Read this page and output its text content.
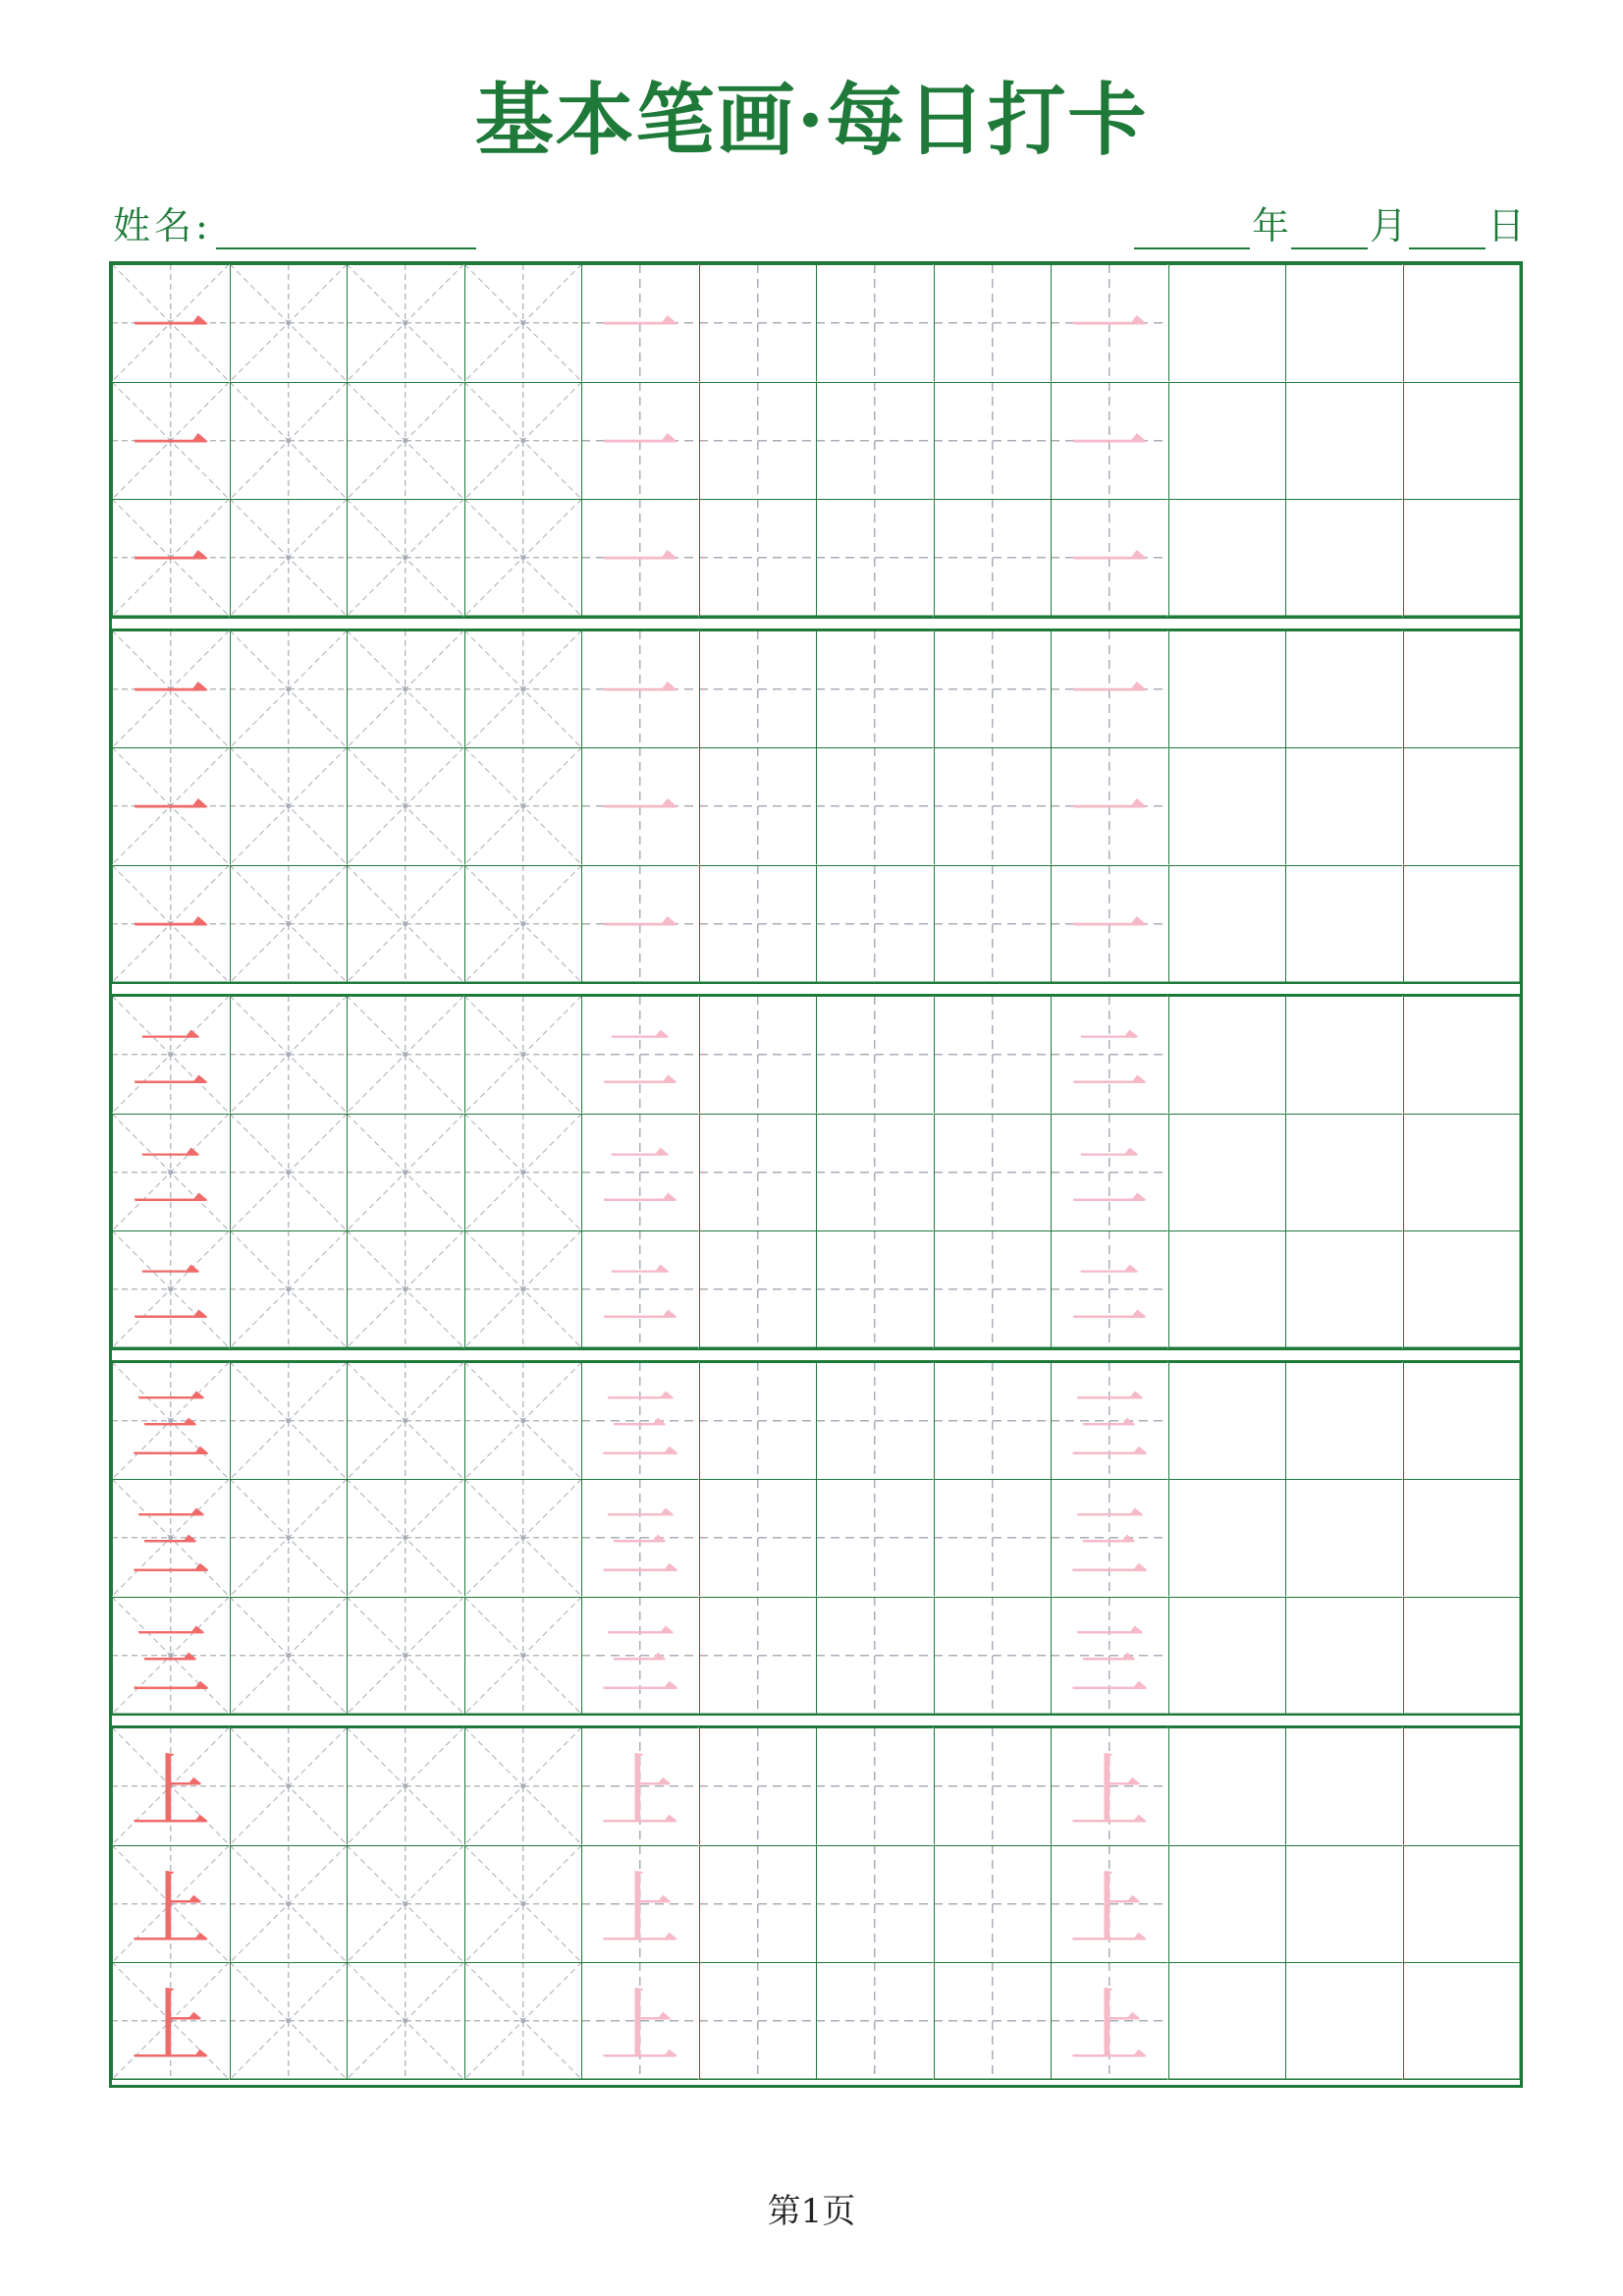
基本笔画·每日打卡
姓名:	年 月 日
一	一	一
一	一	一
一	一	一
一	一	一
一	一	一
一	一	一
二	二	二
二	二	二
二	二	二
三	三	三
三	三	三
三	三	三
上	上	上
上	上	上
上	上	上
第1页
